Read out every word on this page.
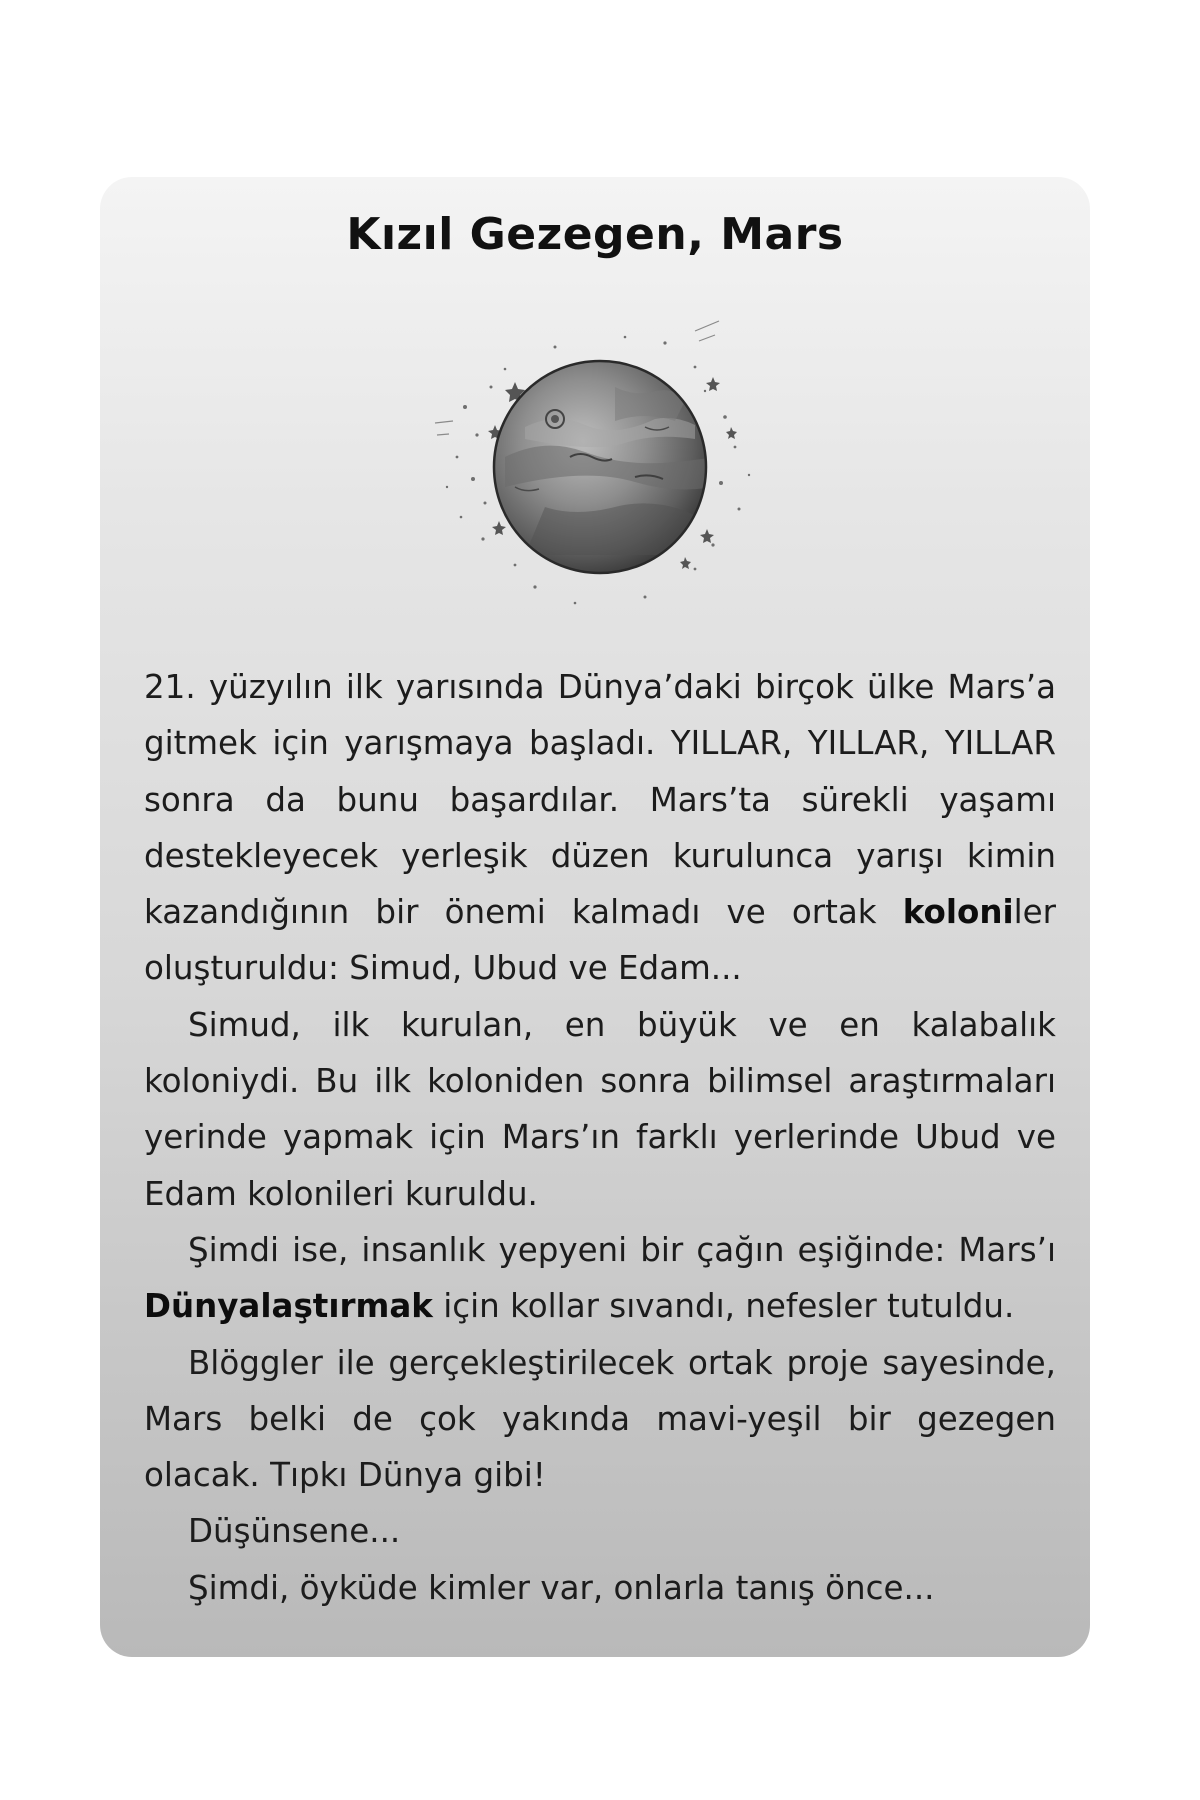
Kızıl Gezegen, Mars

21. yüzyılın ilk yarısında Dünya’daki birçok ülke Mars’a gitmek için yarışmaya başladı. YILLAR, YILLAR, YILLAR sonra da bunu başardılar. Mars’ta sürekli yaşamı destekleyecek yerleşik düzen kurulunca yarışı kimin kazandığının bir önemi kalmadı ve ortak koloniler oluşturuldu: Simud, Ubud ve Edam...

Simud, ilk kurulan, en büyük ve en kalabalık koloniydi. Bu ilk koloniden sonra bilimsel araştırmaları yerinde yapmak için Mars’ın farklı yerlerinde Ubud ve Edam kolonileri kuruldu.

Şimdi ise, insanlık yepyeni bir çağın eşiğinde: Mars’ı Dünyalaştırmak için kollar sıvandı, nefesler tutuldu.

Blöggler ile gerçekleştirilecek ortak proje sayesinde, Mars belki de çok yakında mavi-yeşil bir gezegen olacak. Tıpkı Dünya gibi!

Düşünsene...

Şimdi, öyküde kimler var, onlarla tanış önce...
